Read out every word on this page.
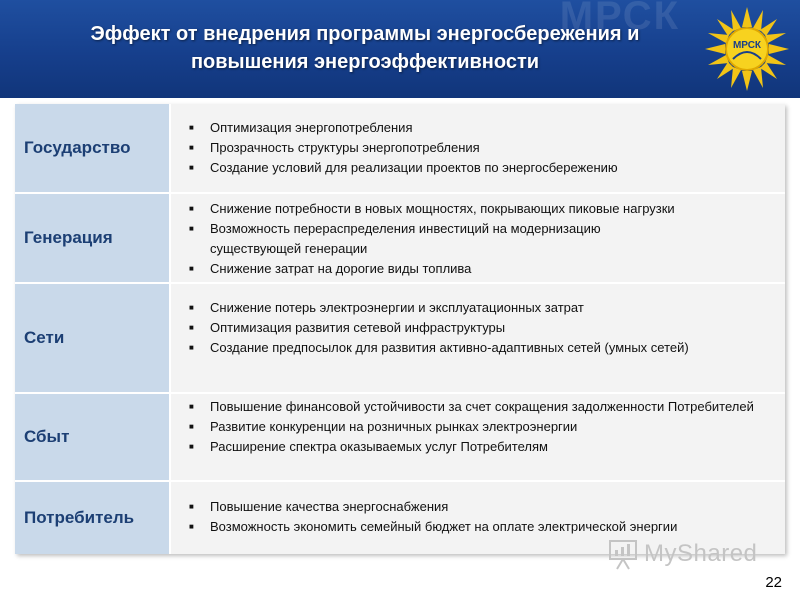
МРСК
Эффект от внедрения программы энергосбережения и
повышения энергоэффективности
МРСК
Государство
■	Оптимизация энергопотребления
■	Прозрачность структуры энергопотребления
■	Создание условий для реализации проектов по энергосбережению
Генерация
■	Снижение потребности в новых мощностях, покрывающих пиковые нагрузки
■	Возможность перераспределения инвестиций на модернизацию существующей генерации
■	Снижение затрат на дорогие виды топлива
Сети
■	Снижение потерь электроэнергии и эксплуатационных затрат
■	Оптимизация развития сетевой инфраструктуры
■	Создание предпосылок для развития активно-адаптивных сетей (умных сетей)
Сбыт
■	Повышение финансовой устойчивости за счет сокращения задолженности Потребителей
■	Развитие конкуренции на розничных рынках электроэнергии
■	Расширение спектра оказываемых услуг Потребителям
Потребитель
■	Повышение качества энергоснабжения
■	Возможность экономить семейный бюджет на оплате электрической энергии
MyShared
22
